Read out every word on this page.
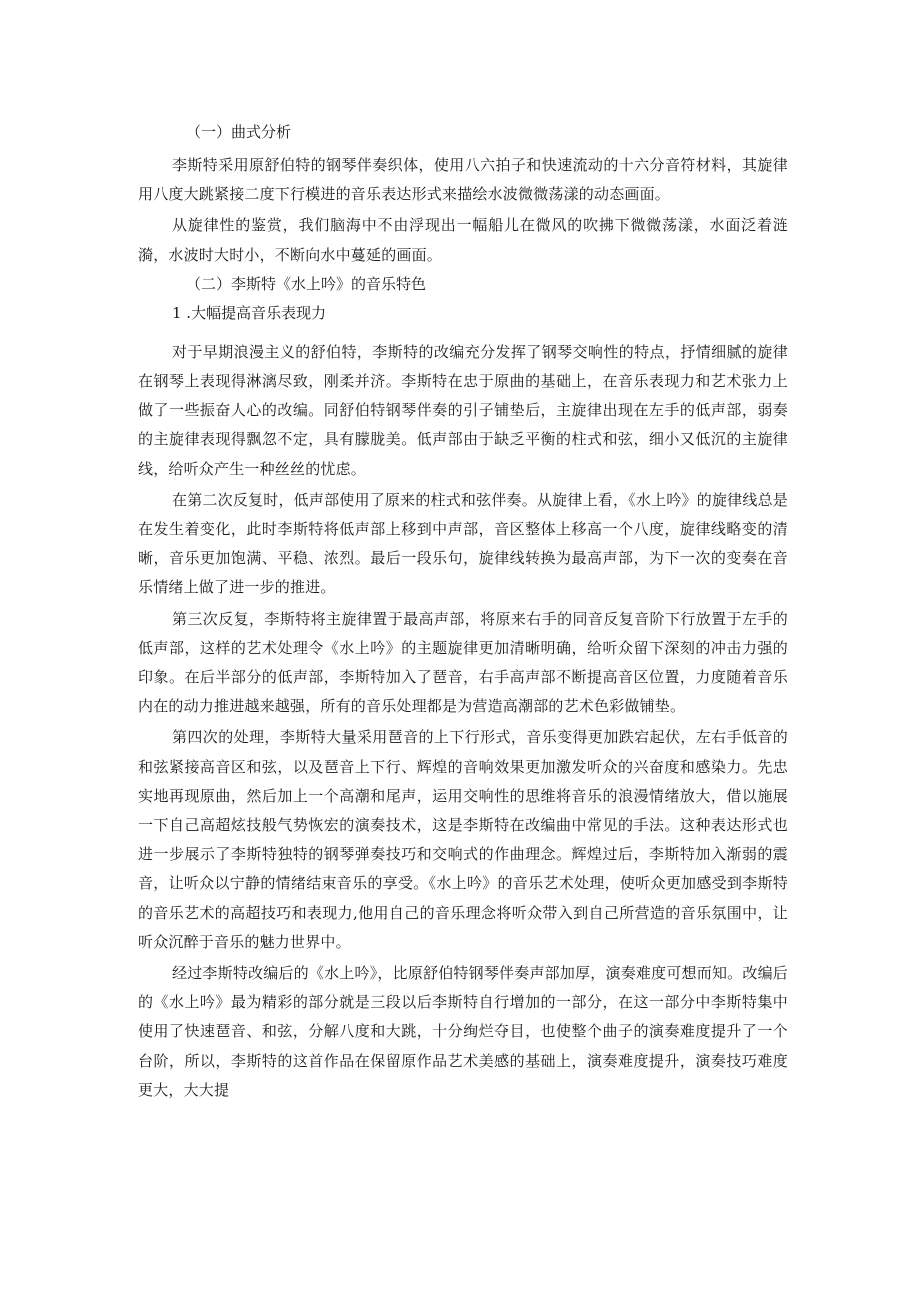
（一）曲式分析

李斯特采用原舒伯特的钢琴伴奏织体，使用八六拍子和快速流动的十六分音符材料，其旋律用八度大跳紧接二度下行模进的音乐表达形式来描绘水波微微荡漾的动态画面。

从旋律性的鉴赏，我们脑海中不由浮现出一幅船儿在微风的吹拂下微微荡漾，水面泛着涟漪，水波时大时小，不断向水中蔓延的画面。

（二）李斯特《水上吟》的音乐特色

1 .大幅提高音乐表现力

对于早期浪漫主义的舒伯特，李斯特的改编充分发挥了钢琴交响性的特点，抒情细腻的旋律在钢琴上表现得淋漓尽致，刚柔并济。李斯特在忠于原曲的基础上，在音乐表现力和艺术张力上做了一些振奋人心的改编。同舒伯特钢琴伴奏的引子铺垫后，主旋律出现在左手的低声部，弱奏的主旋律表现得飘忽不定，具有朦胧美。低声部由于缺乏平衡的柱式和弦，细小又低沉的主旋律线，给听众产生一种丝丝的忧虑。

在第二次反复时，低声部使用了原来的柱式和弦伴奏。从旋律上看，《水上吟》的旋律线总是在发生着变化，此时李斯特将低声部上移到中声部，音区整体上移高一个八度，旋律线略变的清晰，音乐更加饱满、平稳、浓烈。最后一段乐句，旋律线转换为最高声部，为下一次的变奏在音乐情绪上做了进一步的推进。

第三次反复，李斯特将主旋律置于最高声部，将原来右手的同音反复音阶下行放置于左手的低声部，这样的艺术处理令《水上吟》的主题旋律更加清晰明确，给听众留下深刻的冲击力强的印象。在后半部分的低声部，李斯特加入了琶音，右手高声部不断提高音区位置，力度随着音乐内在的动力推进越来越强，所有的音乐处理都是为营造高潮部的艺术色彩做铺垫。

第四次的处理，李斯特大量采用琶音的上下行形式，音乐变得更加跌宕起伏，左右手低音的和弦紧接高音区和弦，以及琶音上下行、辉煌的音响效果更加激发听众的兴奋度和感染力。先忠实地再现原曲，然后加上一个高潮和尾声，运用交响性的思维将音乐的浪漫情绪放大，借以施展一下自己高超炫技般气势恢宏的演奏技术，这是李斯特在改编曲中常见的手法。这种表达形式也进一步展示了李斯特独特的钢琴弹奏技巧和交响式的作曲理念。辉煌过后，李斯特加入渐弱的震音，让听众以宁静的情绪结束音乐的享受。《水上吟》的音乐艺术处理，使听众更加感受到李斯特的音乐艺术的高超技巧和表现力,他用自己的音乐理念将听众带入到自己所营造的音乐氛围中，让听众沉醉于音乐的魅力世界中。

经过李斯特改编后的《水上吟》，比原舒伯特钢琴伴奏声部加厚，演奏难度可想而知。改编后的《水上吟》最为精彩的部分就是三段以后李斯特自行增加的一部分，在这一部分中李斯特集中使用了快速琶音、和弦，分解八度和大跳，十分绚烂夺目，也使整个曲子的演奏难度提升了一个台阶，所以，李斯特的这首作品在保留原作品艺术美感的基础上，演奏难度提升，演奏技巧难度更大，大大提
